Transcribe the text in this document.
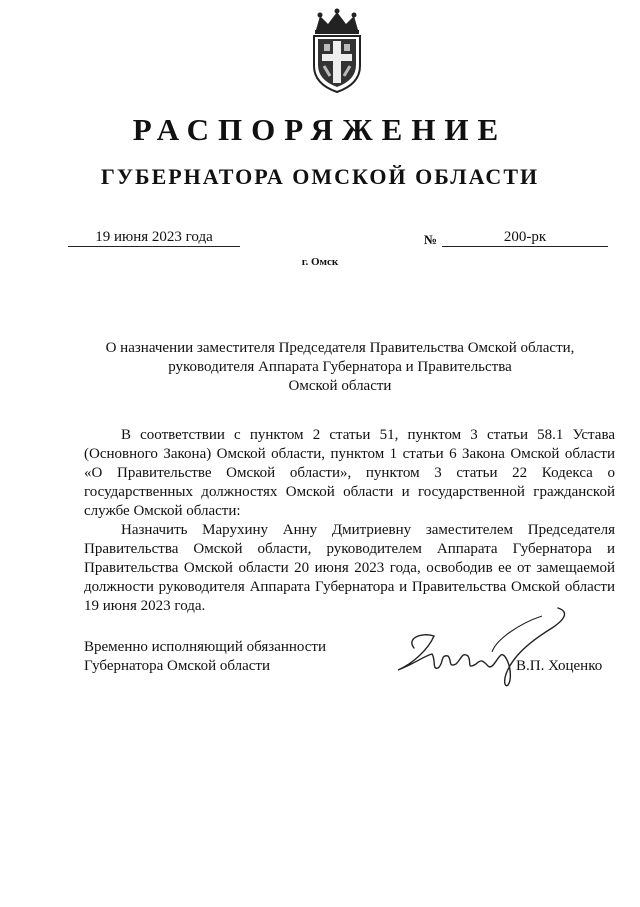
РАСПОРЯЖЕНИЕ
ГУБЕРНАТОРА ОМСКОЙ ОБЛАСТИ
19 июня 2023 года	№	200-рк
г. Омск
О назначении заместителя Председателя Правительства Омской области,
руководителя Аппарата Губернатора и Правительства
Омской области

В соответствии с пунктом 2 статьи 51, пунктом 3 статьи 58.1 Устава (Основного Закона) Омской области, пунктом 1 статьи 6 Закона Омской области «О Правительстве Омской области», пунктом 3 статьи 22 Кодекса о государственных должностях Омской области и государственной гражданской службе Омской области:

Назначить Марухину Анну Дмитриевну заместителем Председателя Правительства Омской области, руководителем Аппарата Губернатора и Правительства Омской области 20 июня 2023 года, освободив ее от замещаемой должности руководителя Аппарата Губернатора и Правительства Омской области 19 июня 2023 года.

Временно исполняющий обязанности
Губернатора Омской области	В.П. Хоценко
